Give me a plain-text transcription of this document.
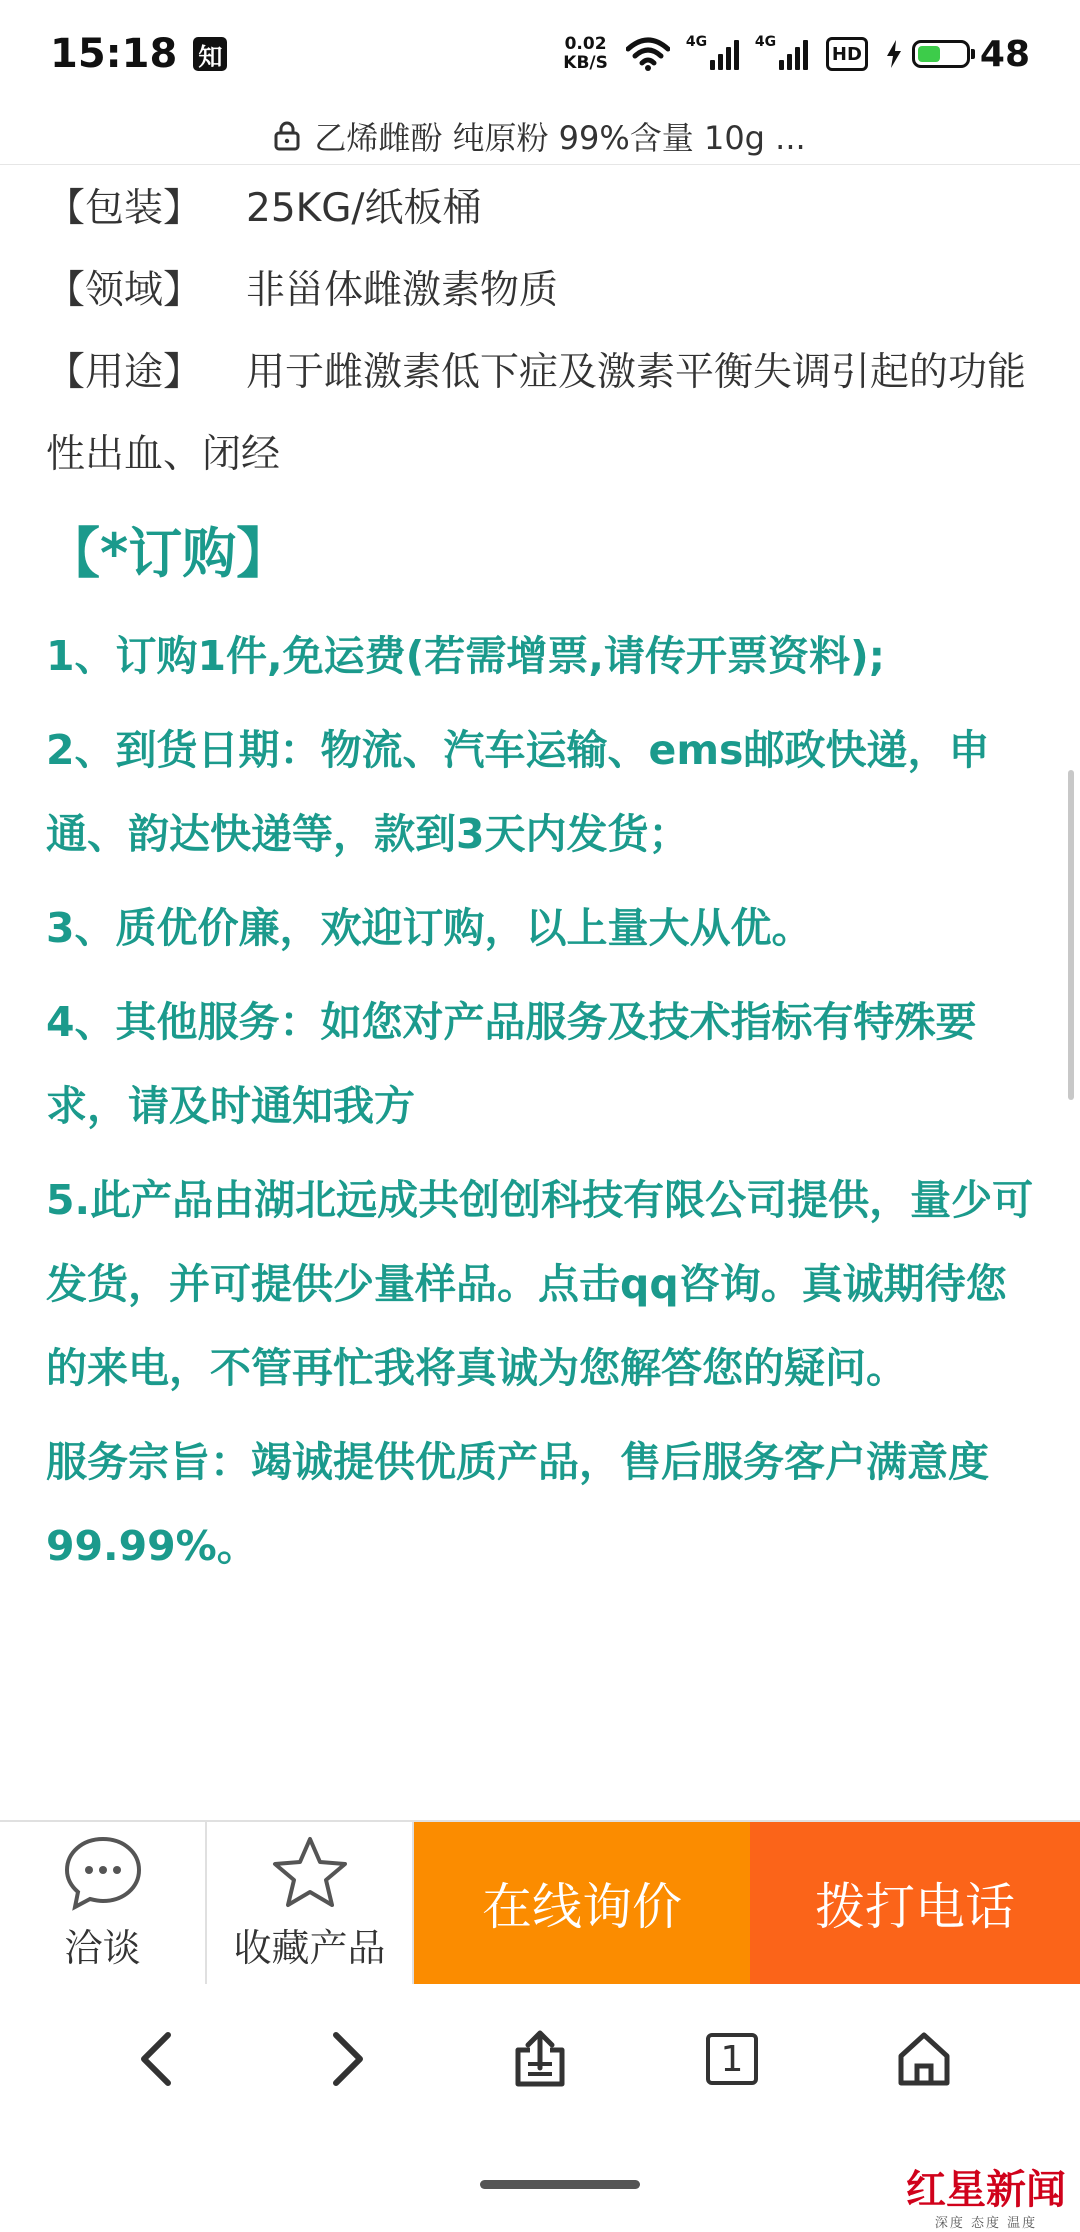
15:18 知	0.02
KB/S
4G	4G
HD	48
乙烯雌酚 纯原粉 99%含量 10g ...
【包装】	25KG/纸板桶
【领域】	非甾体雌激素物质
【用途】 用于雌激素低下症及激素平衡失调引起的功能性出血、闭经
【*订购】
1、订购1件,免运费(若需增票,请传开票资料);
2、到货日期：物流、汽车运输、ems邮政快递，申通、韵达快递等，款到3天内发货；
3、质优价廉，欢迎订购，以上量大从优。
4、其他服务：如您对产品服务及技术指标有特殊要求，请及时通知我方
5.此产品由湖北远成共创创科技有限公司提供，量少可发货，并可提供少量样品。点击qq咨询。真诚期待您的来电，不管再忙我将真诚为您解答您的疑问。
服务宗旨：竭诚提供优质产品，售后服务客户满意度99.99%。
洽谈 收藏产品
在线询价	拨打电话
1
红星新闻
深度 态度 温度
